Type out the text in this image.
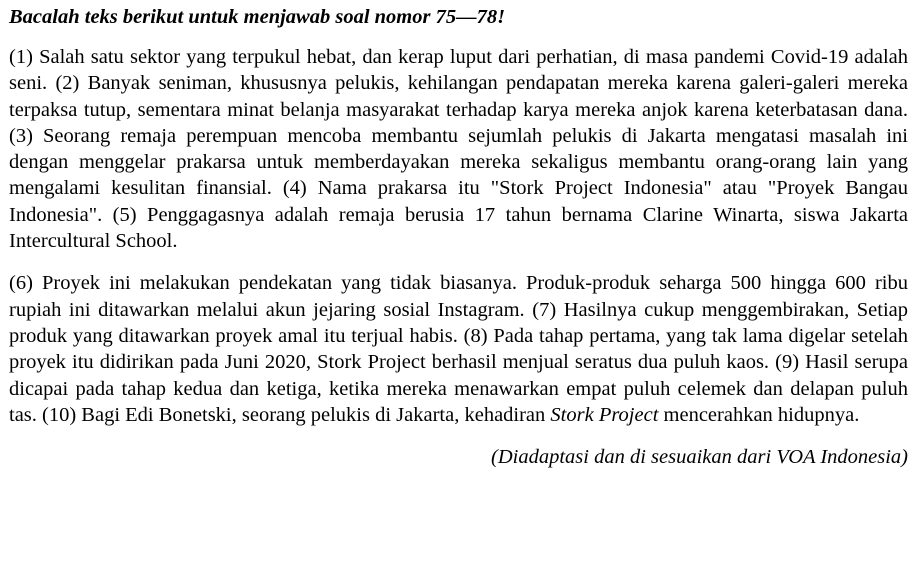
Bacalah teks berikut untuk menjawab soal nomor 75—78!

(1) Salah satu sektor yang terpukul hebat, dan kerap luput dari perhatian, di masa pandemi Covid-19 adalah seni. (2) Banyak seniman, khususnya pelukis, kehilangan pendapatan mereka karena galeri-galeri mereka terpaksa tutup, sementara minat belanja masyarakat terhadap karya mereka anjok karena keterbatasan dana. (3) Seorang remaja perempuan mencoba membantu sejumlah pelukis di Jakarta mengatasi masalah ini dengan menggelar prakarsa untuk memberdayakan mereka sekaligus membantu orang-orang lain yang mengalami kesulitan finansial. (4) Nama prakarsa itu "Stork Project Indonesia" atau "Proyek Bangau Indonesia". (5) Penggagasnya adalah remaja berusia 17 tahun bernama Clarine Winarta, siswa Jakarta Intercultural School.

(6) Proyek ini melakukan pendekatan yang tidak biasanya. Produk-produk seharga 500 hingga 600 ribu rupiah ini ditawarkan melalui akun jejaring sosial Instagram. (7) Hasilnya cukup menggembirakan, Setiap produk yang ditawarkan proyek amal itu terjual habis. (8) Pada tahap pertama, yang tak lama digelar setelah proyek itu didirikan pada Juni 2020, Stork Project berhasil menjual seratus dua puluh kaos. (9) Hasil serupa dicapai pada tahap kedua dan ketiga, ketika mereka menawarkan empat puluh celemek dan delapan puluh tas. (10) Bagi Edi Bonetski, seorang pelukis di Jakarta, kehadiran Stork Project mencerahkan hidupnya.

(Diadaptasi dan di sesuaikan dari VOA Indonesia)
